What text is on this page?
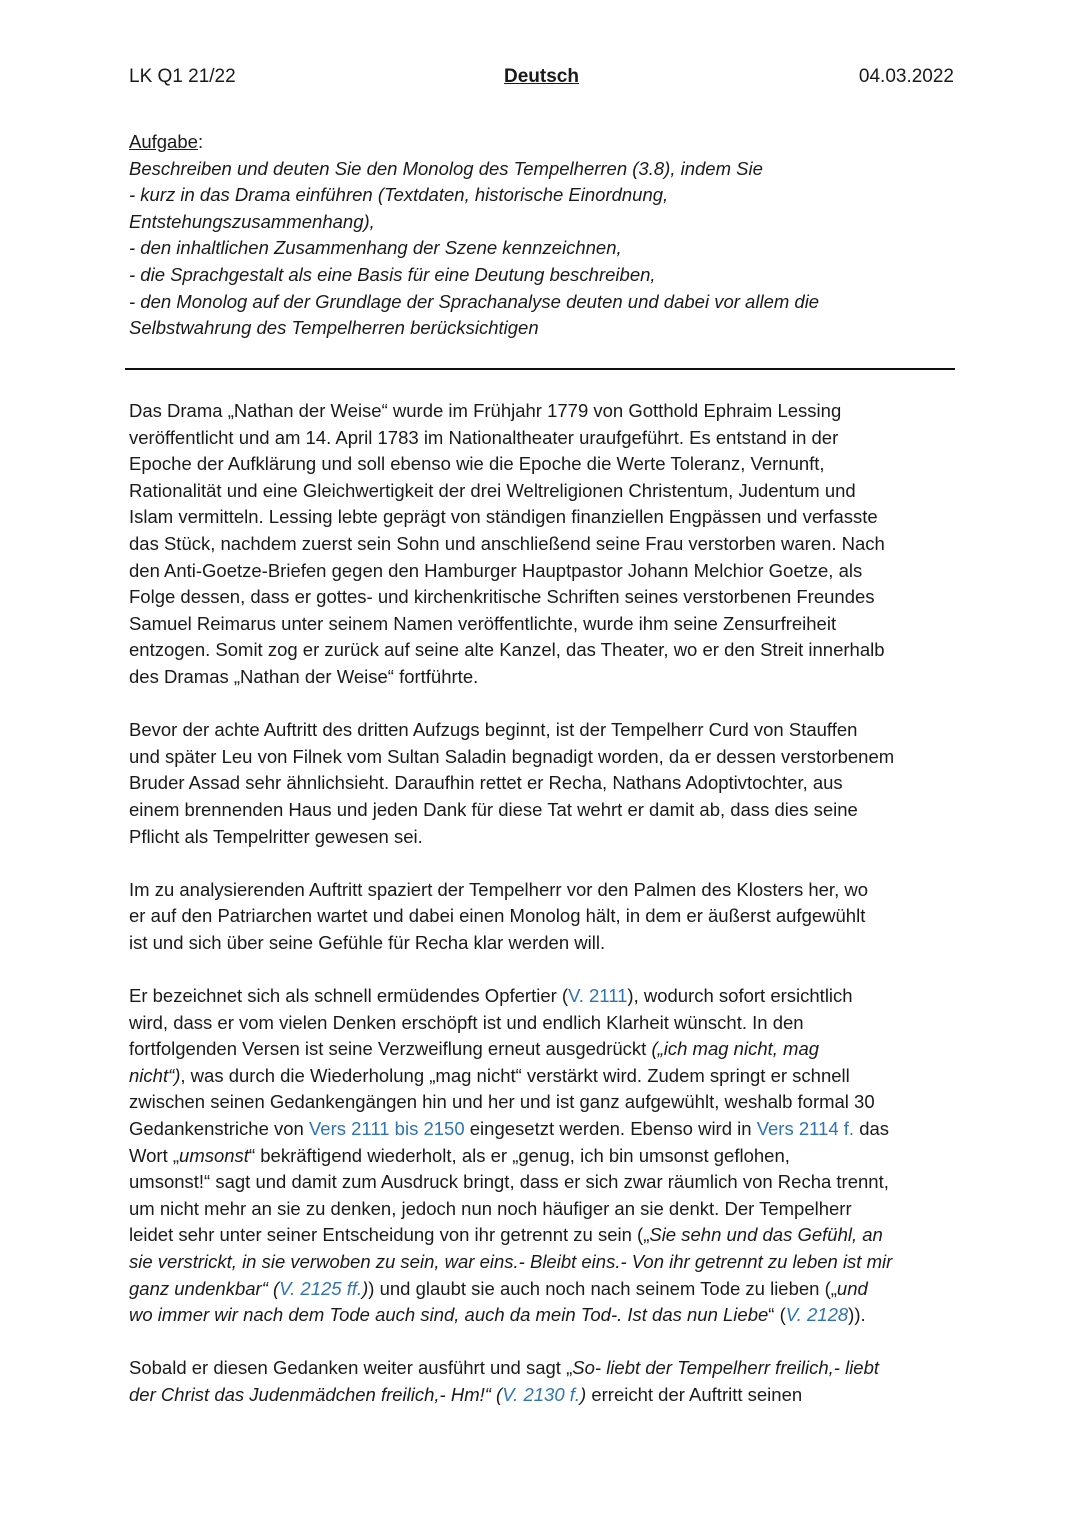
LK Q1 21/22	Deutsch	04.03.2022
Aufgabe:
Beschreiben und deuten Sie den Monolog des Tempelherren (3.8), indem Sie
- kurz in das Drama einführen (Textdaten, historische Einordnung,
Entstehungszusammenhang),
- den inhaltlichen Zusammenhang der Szene kennzeichnen,
- die Sprachgestalt als eine Basis für eine Deutung beschreiben,
- den Monolog auf der Grundlage der Sprachanalyse deuten und dabei vor allem die
Selbstwahrung des Tempelherren berücksichtigen

Das Drama „Nathan der Weise“ wurde im Frühjahr 1779 von Gotthold Ephraim Lessing
veröffentlicht und am 14. April 1783 im Nationaltheater uraufgeführt. Es entstand in der
Epoche der Aufklärung und soll ebenso wie die Epoche die Werte Toleranz, Vernunft,
Rationalität und eine Gleichwertigkeit der drei Weltreligionen Christentum, Judentum und
Islam vermitteln. Lessing lebte geprägt von ständigen finanziellen Engpässen und verfasste
das Stück, nachdem zuerst sein Sohn und anschließend seine Frau verstorben waren. Nach
den Anti-Goetze-Briefen gegen den Hamburger Hauptpastor Johann Melchior Goetze, als
Folge dessen, dass er gottes- und kirchenkritische Schriften seines verstorbenen Freundes
Samuel Reimarus unter seinem Namen veröffentlichte, wurde ihm seine Zensurfreiheit
entzogen. Somit zog er zurück auf seine alte Kanzel, das Theater, wo er den Streit innerhalb
des Dramas „Nathan der Weise“ fortführte.

Bevor der achte Auftritt des dritten Aufzugs beginnt, ist der Tempelherr Curd von Stauffen
und später Leu von Filnek vom Sultan Saladin begnadigt worden, da er dessen verstorbenem
Bruder Assad sehr ähnlichsieht. Daraufhin rettet er Recha, Nathans Adoptivtochter, aus
einem brennenden Haus und jeden Dank für diese Tat wehrt er damit ab, dass dies seine
Pflicht als Tempelritter gewesen sei.

Im zu analysierenden Auftritt spaziert der Tempelherr vor den Palmen des Klosters her, wo
er auf den Patriarchen wartet und dabei einen Monolog hält, in dem er äußerst aufgewühlt
ist und sich über seine Gefühle für Recha klar werden will.

Er bezeichnet sich als schnell ermüdendes Opfertier (V. 2111), wodurch sofort ersichtlich
wird, dass er vom vielen Denken erschöpft ist und endlich Klarheit wünscht. In den
fortfolgenden Versen ist seine Verzweiflung erneut ausgedrückt („ich mag nicht, mag
nicht“), was durch die Wiederholung „mag nicht“ verstärkt wird. Zudem springt er schnell
zwischen seinen Gedankengängen hin und her und ist ganz aufgewühlt, weshalb formal 30
Gedankenstriche von Vers 2111 bis 2150 eingesetzt werden. Ebenso wird in Vers 2114 f. das
Wort „umsonst“ bekräftigend wiederholt, als er „genug, ich bin umsonst geflohen,
umsonst!“ sagt und damit zum Ausdruck bringt, dass er sich zwar räumlich von Recha trennt,
um nicht mehr an sie zu denken, jedoch nun noch häufiger an sie denkt. Der Tempelherr
leidet sehr unter seiner Entscheidung von ihr getrennt zu sein („Sie sehn und das Gefühl, an
sie verstrickt, in sie verwoben zu sein, war eins.- Bleibt eins.- Von ihr getrennt zu leben ist mir
ganz undenkbar“ (V. 2125 ff.)) und glaubt sie auch noch nach seinem Tode zu lieben („und
wo immer wir nach dem Tode auch sind, auch da mein Tod-. Ist das nun Liebe“ (V. 2128)).

Sobald er diesen Gedanken weiter ausführt und sagt „So- liebt der Tempelherr freilich,- liebt
der Christ das Judenmädchen freilich,- Hm!“ (V. 2130 f.) erreicht der Auftritt seinen
